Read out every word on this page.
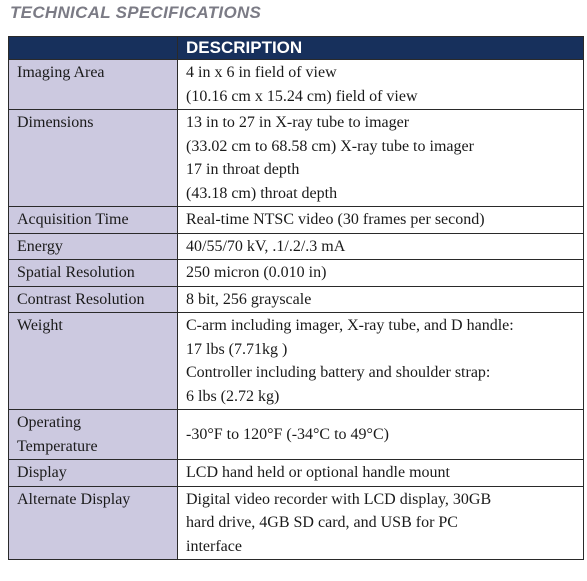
TECHNICAL SPECIFICATIONS
	DESCRIPTION
Imaging Area	4 in x 6 in field of view
(10.16 cm x 15.24 cm) field of view

Dimensions	13 in to 27 in X-ray tube to imager
(33.02 cm to 68.58 cm) X-ray tube to imager
17 in throat depth
(43.18 cm) throat depth

Acquisition Time	Real-time NTSC video (30 frames per second)

Energy	40/55/70 kV, .1/.2/.3 mA

Spatial Resolution	250 micron (0.010 in)

Contrast Resolution	8 bit, 256 grayscale

Weight	C-arm including imager, X-ray tube, and D handle:
17 lbs (7.71kg )
Controller including battery and shoulder strap:
6 lbs (2.72 kg)

Operating Temperature	-30°F to 120°F (-34°C to 49°C)

Display	LCD hand held or optional handle mount

Alternate Display	Digital video recorder with LCD display, 30GB
hard drive, 4GB SD card, and USB for PC
interface
